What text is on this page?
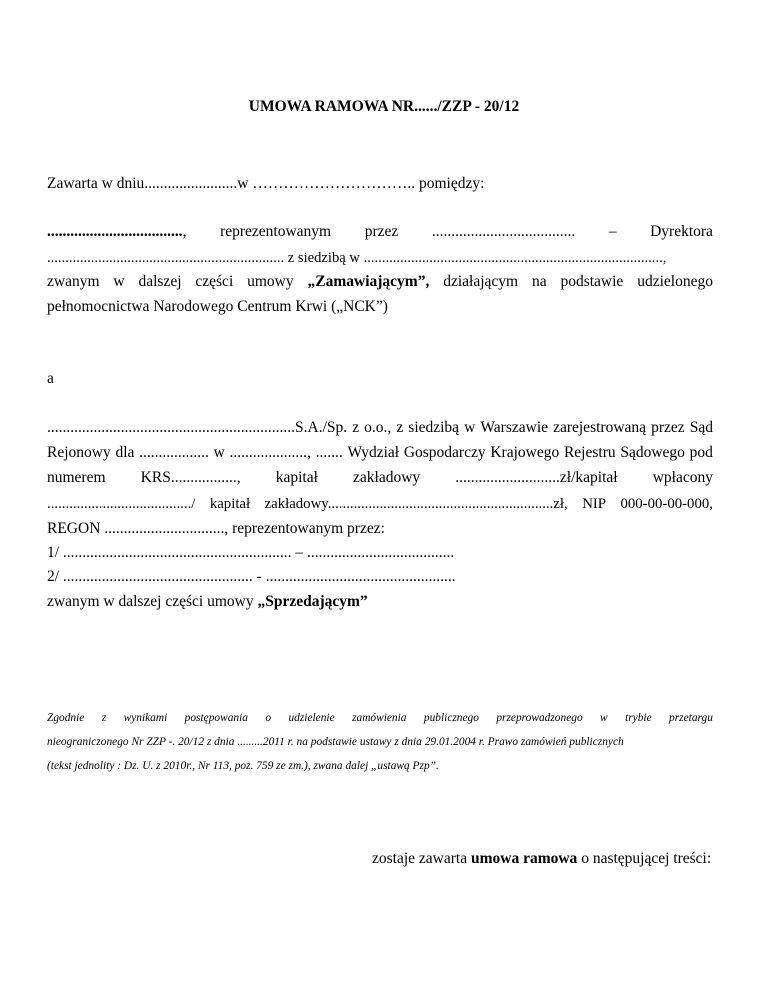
UMOWA RAMOWA NR....../ZZP - 20/12
Zawarta w dniu........................w ………………………….. pomiędzy:
..................................., reprezentowanym przez ..................................... – Dyrektora
................................................................. z siedzibą w ..................................................................................,
zwanym w dalszej części umowy „Zamawiającym”, działającym na podstawie udzielonego
pełnomocnictwa Narodowego Centrum Krwi („NCK”)
a
................................................................S.A./Sp. z o.o., z siedzibą w Warszawie zarejestrowaną przez Sąd
Rejonowy dla .................. w ...................., ....... Wydział Gospodarczy Krajowego Rejestru Sądowego pod
numerem KRS................., kapitał zakładowy ...........................zł/kapitał wpłacony
......................................./ kapitał zakładowy.............................................................zł, NIP 000-00-00-000,
REGON ..............................., reprezentowanym przez:
1/ ........................................................... – ......................................
2/ ................................................. - .................................................
zwanym w dalszej części umowy „Sprzedającym”
Zgodnie z wynikami postępowania o udzielenie zamówienia publicznego przeprowadzonego w trybie przetargu
nieograniczonego Nr ZZP -. 20/12 z dnia .........2011 r. na podstawie ustawy z dnia 29.01.2004 r. Prawo zamówień publicznych
(tekst jednolity : Dz. U. z 2010r., Nr 113, poz. 759 ze zm.), zwana dalej „ustawą Pzp”.
zostaje zawarta umowa ramowa o następującej treści:
